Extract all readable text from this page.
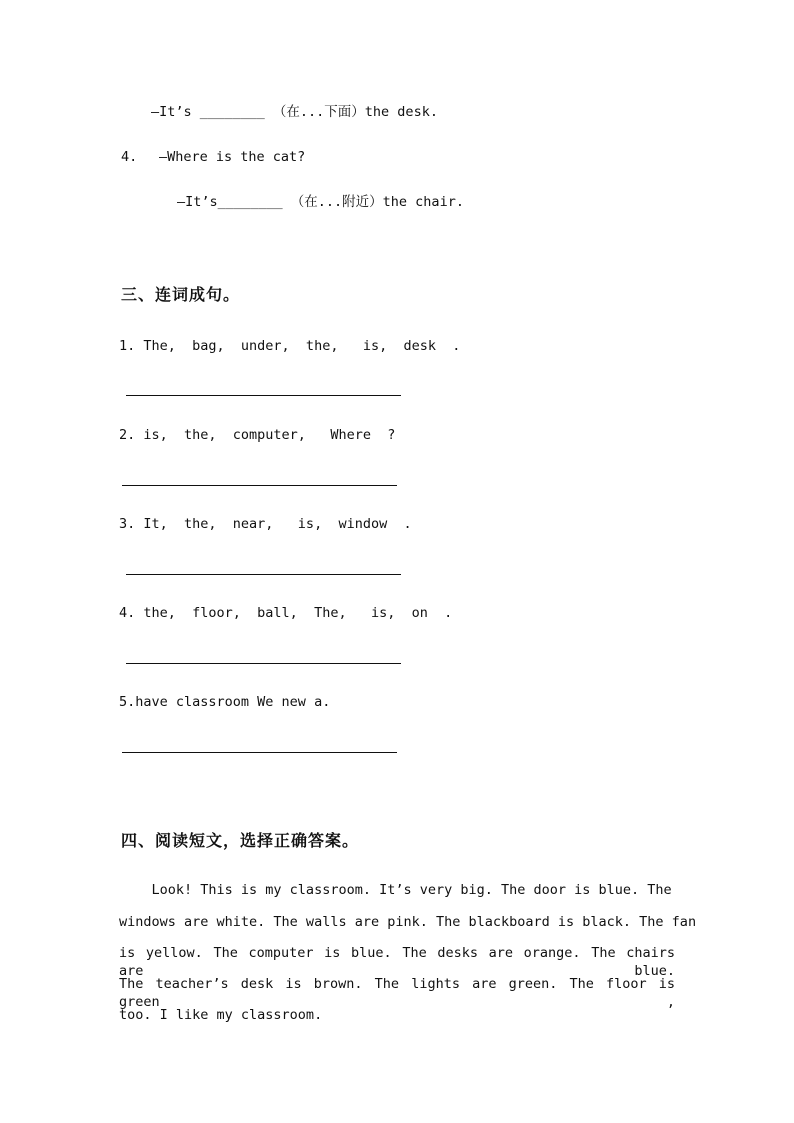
—It’s ________ （在...下面）the desk.
4. —Where is the cat?
—It’s________ （在...附近）the chair.
三、连词成句。
1. The,  bag,  under,  the,   is,  desk  .
2. is,  the,  computer,   Where  ?
3. It,  the,  near,   is,  window  .
4. the,  floor,  ball,  The,   is,  on  .
5.have classroom We new a.
四、阅读短文，选择正确答案。
Look! This is my classroom. It’s very big. The door is blue. The
windows are white. The walls are pink. The blackboard is black. The fan
is yellow. The computer is blue. The desks are orange. The chairs are blue.
The teacher’s desk is brown. The lights are green. The floor is green ,
too. I like my classroom.
